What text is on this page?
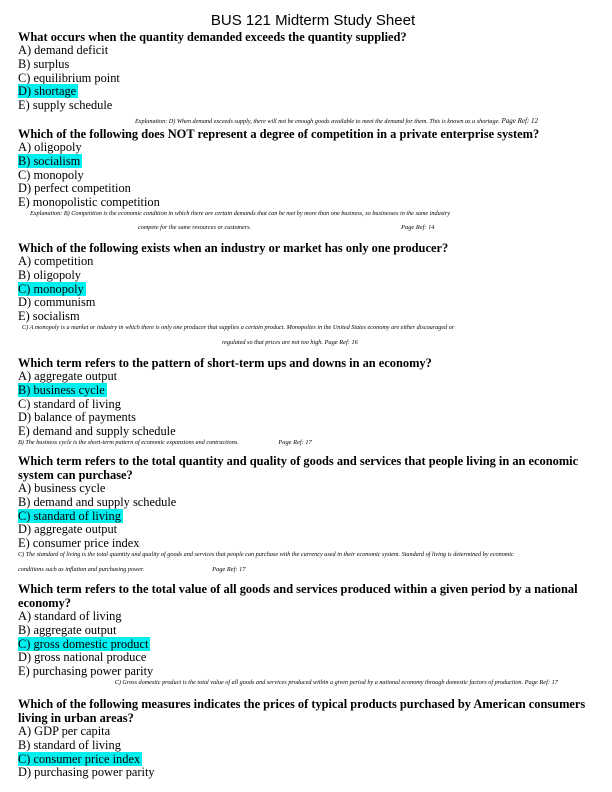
BUS 121 Midterm Study Sheet
What occurs when the quantity demanded exceeds the quantity supplied?
A) demand deficit
B) surplus
C) equilibrium point
D) shortage
E) supply schedule
Explanation: D) When demand exceeds supply, there will not be enough goods available to meet the demand for them. This is known as a shortage. Page Ref: 12
Which of the following does NOT represent a degree of competition in a private enterprise system?
A) oligopoly
B) socialism
C) monopoly
D) perfect competition
E) monopolistic competition
Explanation: B) Competition is the economic condition in which there are certain demands that can be met by more than one business, so businesses in the same industry
compete for the same resources or customers.	Page Ref: 14
Which of the following exists when an industry or market has only one producer?
A) competition
B) oligopoly
C) monopoly
D) communism
E) socialism
C) A monopoly is a market or industry in which there is only one producer that supplies a certain product. Monopolies in the United States economy are either discouraged or
regulated so that prices are not too high. Page Ref: 16
Which term refers to the pattern of short-term ups and downs in an economy?
A) aggregate output
B) business cycle
C) standard of living
D) balance of payments
E) demand and supply schedule
B) The business cycle is the short-term pattern of economic expansions and contractions.	Page Ref: 17
Which term refers to the total quantity and quality of goods and services that people living in an economic system can purchase?
A) business cycle
B) demand and supply schedule
C) standard of living
D) aggregate output
E) consumer price index
C) The standard of living is the total quantity and quality of goods and services that people can purchase with the currency used in their economic system. Standard of living is determined by economic
conditions such as inflation and purchasing power.	Page Ref: 17
Which term refers to the total value of all goods and services produced within a given period by a national economy?
A) standard of living
B) aggregate output
C) gross domestic product
D) gross national produce
E) purchasing power parity
C) Gross domestic product is the total value of all goods and services produced within a given period by a national economy through domestic factors of production. Page Ref: 17
Which of the following measures indicates the prices of typical products purchased by American consumers living in urban areas?
A) GDP per capita
B) standard of living
C) consumer price index
D) purchasing power parity
